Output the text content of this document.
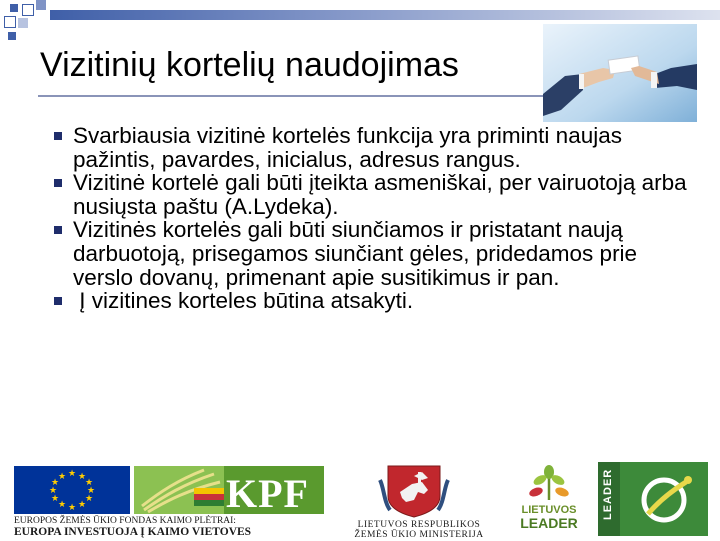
Vizitinių kortelių naudojimas
Svarbiausia vizitinė kortelės funkcija yra priminti naujas pažintis, pavardes, inicialus, adresus rangus.
Vizitinė kortelė gali būti įteikta asmeniškai, per vairuotoją arba nusiųsta paštu (A.Lydeka).
Vizitinės kortelės gali būti siunčiamos ir pristatant naują darbuotoją, prisegamos siunčiant gėles, pridedamos prie verslo dovanų, primenant apie susitikimus ir pan.
Į vizitines korteles būtina atsakyti.
★ ★
★
★
★
★
★
★
★
★
★
★	KPF
EUROPOS ŽEMĖS ŪKIO FONDAS KAIMO PLĖTRAI:
EUROPA INVESTUOJA Į KAIMO VIETOVES
LIETUVOS RESPUBLIKOS
ŽEMĖS ŪKIO MINISTERIJA
LIETUVOS
LEADER
LEADER
